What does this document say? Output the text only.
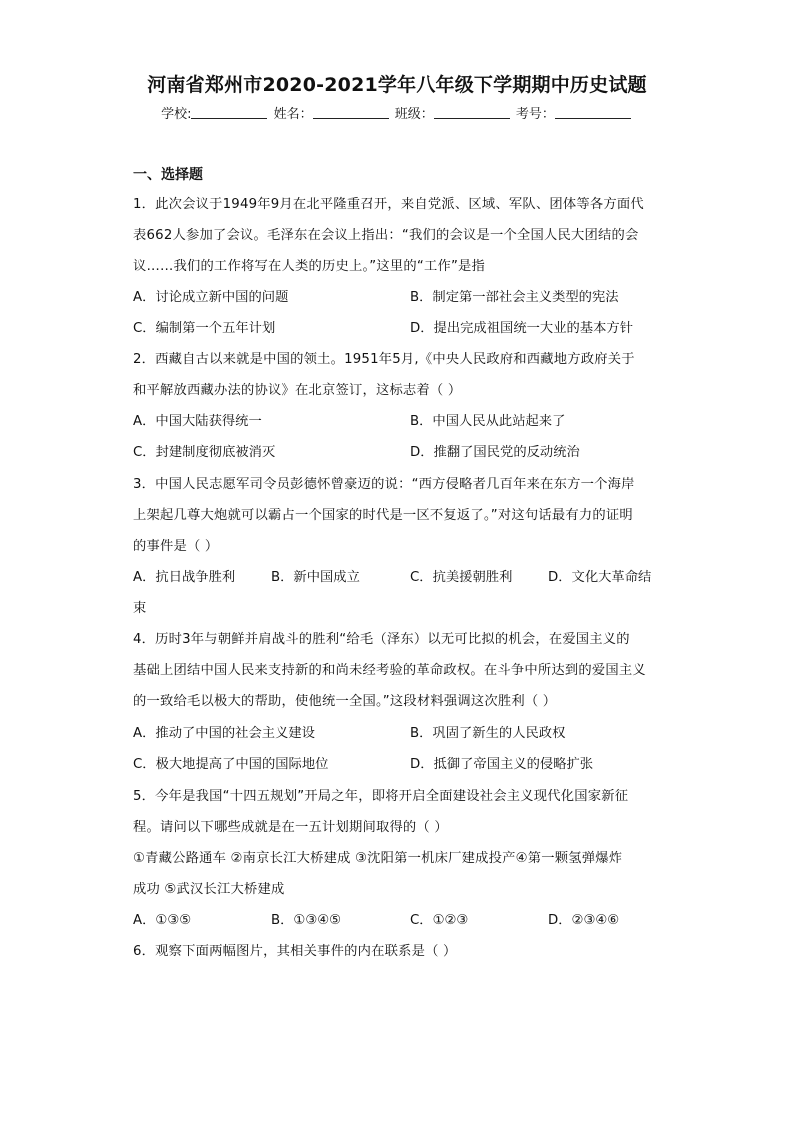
河南省郑州市2020-2021学年八年级下学期期中历史试题
学校:	姓名：	班级：	考号：
一、选择题
1．此次会议于1949年9月在北平隆重召开，来自党派、区域、军队、团体等各方面代
表662人参加了会议。毛泽东在会议上指出：“我们的会议是一个全国人民大团结的会
议……我们的工作将写在人类的历史上。”这里的“工作”是指
A．讨论成立新中国的问题	B．制定第一部社会主义类型的宪法
C．编制第一个五年计划	D．提出完成祖国统一大业的基本方针
2．西藏自古以来就是中国的领土。1951年5月,《中央人民政府和西藏地方政府关于
和平解放西藏办法的协议》在北京签订，这标志着（ ）
A．中国大陆获得统一	B．中国人民从此站起来了
C．封建制度彻底被消灭	D．推翻了国民党的反动统治
3．中国人民志愿军司令员彭德怀曾豪迈的说：“西方侵略者几百年来在东方一个海岸
上架起几尊大炮就可以霸占一个国家的时代是一区不复返了。”对这句话最有力的证明
的事件是（ ）
A．抗日战争胜利	B．新中国成立	C．抗美援朝胜利	D．文化大革命结
束
4．历时3年与朝鲜并肩战斗的胜利“给毛（泽东）以无可比拟的机会，在爱国主义的
基础上团结中国人民来支持新的和尚未经考验的革命政权。在斗争中所达到的爱国主义
的一致给毛以极大的帮助，使他统一全国。”这段材料强调这次胜利（ ）
A．推动了中国的社会主义建设	B．巩固了新生的人民政权
C．极大地提高了中国的国际地位	D．抵御了帝国主义的侵略扩张
5．今年是我国“十四五规划”开局之年，即将开启全面建设社会主义现代化国家新征
程。请问以下哪些成就是在一五计划期间取得的（ ）
①青藏公路通车 ②南京长江大桥建成 ③沈阳第一机床厂建成投产④第一颗氢弹爆炸
成功 ⑤武汉长江大桥建成
A．①③⑤	B．①③④⑤	C．①②③	D．②③④⑥
6．观察下面两幅图片，其相关事件的内在联系是（ ）
